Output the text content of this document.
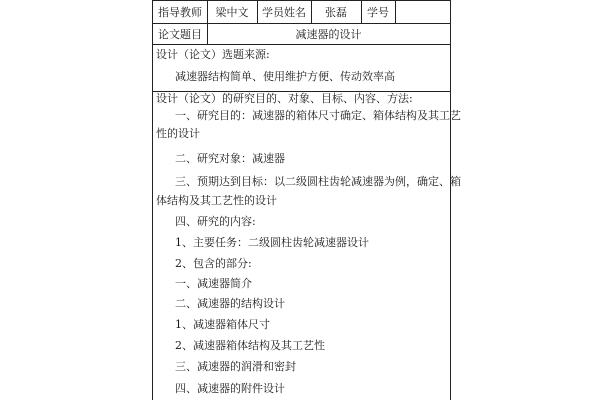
指导教师	梁中文	学员姓名	张磊	学号
论文题目	减速器的设计
设计（论文）选题来源:
减速器结构简单、使用维护方便、传动效率高
设计（论文）的研究目的、对象、目标、内容、方法:
一、研究目的：减速器的箱体尺寸确定、箱体结构及其工艺
性的设计
二、研究对象：减速器
三、预期达到目标：以二级圆柱齿轮减速器为例，确定、箱
体结构及其工艺性的设计
四、研究的内容:
1、主要任务：二级圆柱齿轮减速器设计
2、包含的部分:
一、减速器简介
二、减速器的结构设计
1、减速器箱体尺寸
2、减速器箱体结构及其工艺性
三、减速器的润滑和密封
四、减速器的附件设计
